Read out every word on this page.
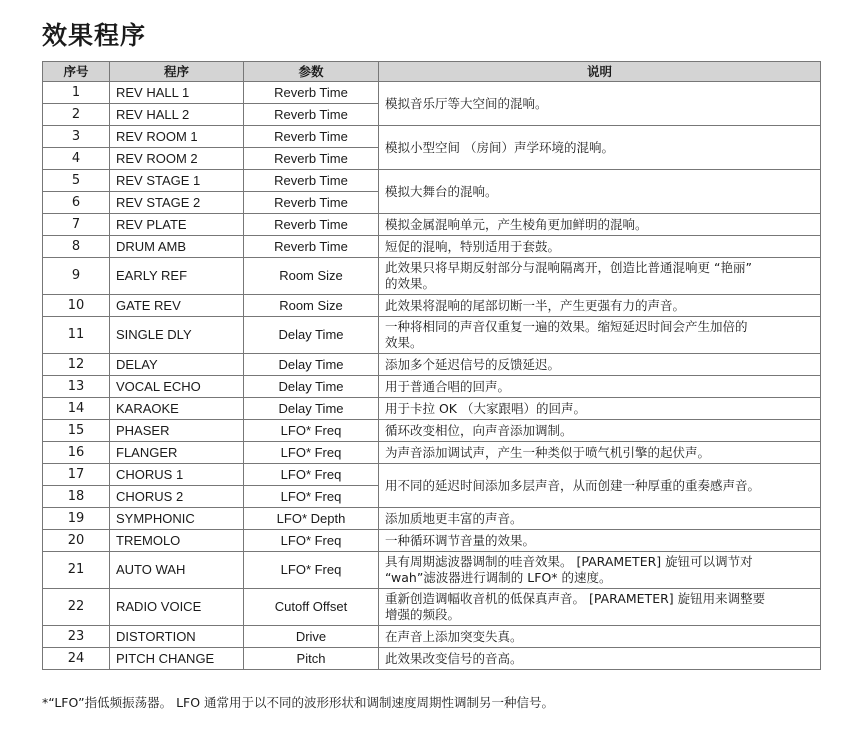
效果程序
序号	程序	参数	说明
1	REV HALL 1	Reverb Time	模拟音乐厅等大空间的混响。
2	REV HALL 2	Reverb Time	
3	REV ROOM 1	Reverb Time	模拟小型空间 （房间）声学环境的混响。
4	REV ROOM 2	Reverb Time	
5	REV STAGE 1	Reverb Time	模拟大舞台的混响。
6	REV STAGE 2	Reverb Time	
7	REV PLATE	Reverb Time	模拟金属混响单元，产生棱角更加鲜明的混响。
8	DRUM AMB	Reverb Time	短促的混响，特别适用于套鼓。
9	EARLY REF	Room Size	此效果只将早期反射部分与混响隔离开，创造比普通混响更 “艳丽”
的效果。

10	GATE REV	Room Size	此效果将混响的尾部切断一半，产生更强有力的声音。
11	SINGLE DLY	Delay Time	一种将相同的声音仅重复一遍的效果。缩短延迟时间会产生加倍的
效果。

12	DELAY	Delay Time	添加多个延迟信号的反馈延迟。
13	VOCAL ECHO	Delay Time	用于普通合唱的回声。
14	KARAOKE	Delay Time	用于卡拉 OK （大家跟唱）的回声。
15	PHASER	LFO* Freq	循环改变相位，向声音添加调制。
16	FLANGER	LFO* Freq	为声音添加调试声，产生一种类似于喷气机引擎的起伏声。
17	CHORUS 1	LFO* Freq	用不同的延迟时间添加多层声音，从而创建一种厚重的重奏感声音。
18	CHORUS 2	LFO* Freq	
19	SYMPHONIC	LFO* Depth	添加质地更丰富的声音。
20	TREMOLO	LFO* Freq	一种循环调节音量的效果。
21	AUTO WAH	LFO* Freq	具有周期滤波器调制的哇音效果。 [PARAMETER] 旋钮可以调节对
“wah”滤波器进行调制的 LFO* 的速度。

22	RADIO VOICE	Cutoff Offset	重新创造调幅收音机的低保真声音。 [PARAMETER] 旋钮用来调整要
增强的频段。

23	DISTORTION	Drive	在声音上添加突变失真。
24	PITCH CHANGE	Pitch	此效果改变信号的音高。
*“LFO”指低频振荡器。 LFO 通常用于以不同的波形形状和调制速度周期性调制另一种信号。
